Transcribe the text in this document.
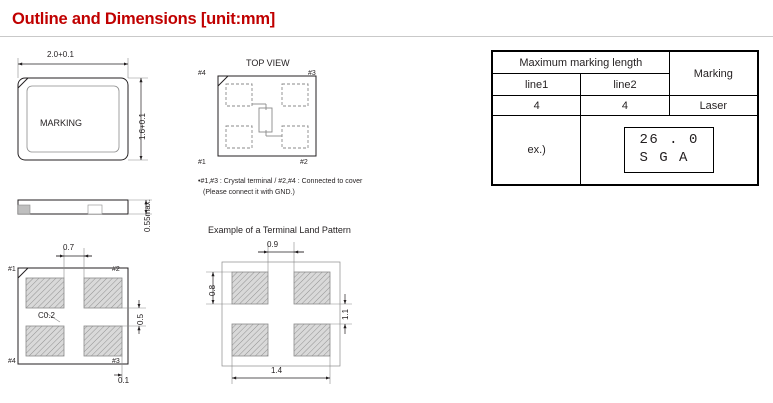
Outline and Dimensions [unit:mm]
2.0+0.1
1.6+0.1
MARKING
0.55max.
TOP VIEW
#4	#3
#1	#2
•#1,#3 : Crystal terminal / #2,#4 : Connected to cover
(Please connect it with GND.)
#1	#2
#4	#3
0.7
C0.2	0.5
0.1
Example of a Terminal Land Pattern
0.9
0.8
1.1
1.4
Maximum marking length		Marking
line1	line2	
4	4	Laser
ex.)	26 . 0
S G A	
